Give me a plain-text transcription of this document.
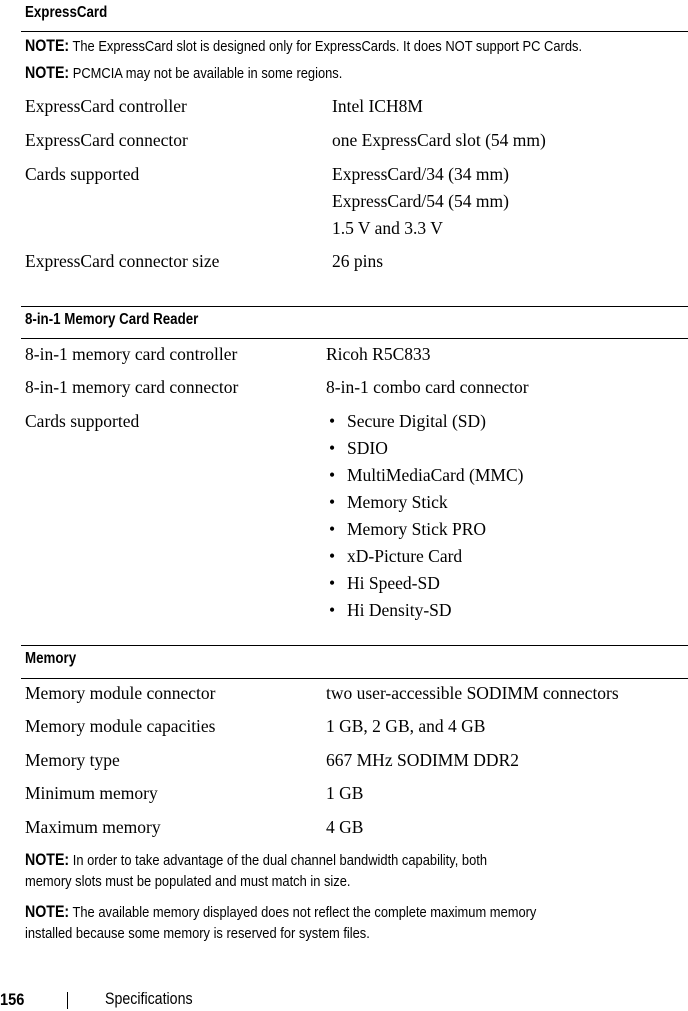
ExpressCard
NOTE: The ExpressCard slot is designed only for ExpressCards. It does NOT support PC Cards.
NOTE: PCMCIA may not be available in some regions.
ExpressCard controller	Intel ICH8M
ExpressCard connector	one ExpressCard slot (54 mm)
Cards supported	ExpressCard/34 (34 mm)
ExpressCard/54 (54 mm)
1.5 V and 3.3 V
ExpressCard connector size	26 pins
8-in-1 Memory Card Reader
8-in-1 memory card controller	Ricoh R5C833
8-in-1 memory card connector	8-in-1 combo card connector
Cards supported	• Secure Digital (SD)
• SDIO
• MultiMediaCard (MMC)
• Memory Stick
• Memory Stick PRO
• xD-Picture Card
• Hi Speed-SD
• Hi Density-SD
Memory
Memory module connector	two user-accessible SODIMM connectors
Memory module capacities	1 GB, 2 GB, and 4 GB
Memory type	667 MHz SODIMM DDR2
Minimum memory	1 GB
Maximum memory	4 GB
NOTE: In order to take advantage of the dual channel bandwidth capability, both
memory slots must be populated and must match in size.
NOTE: The available memory displayed does not reflect the complete maximum memory
installed because some memory is reserved for system files.
156	Specifications
